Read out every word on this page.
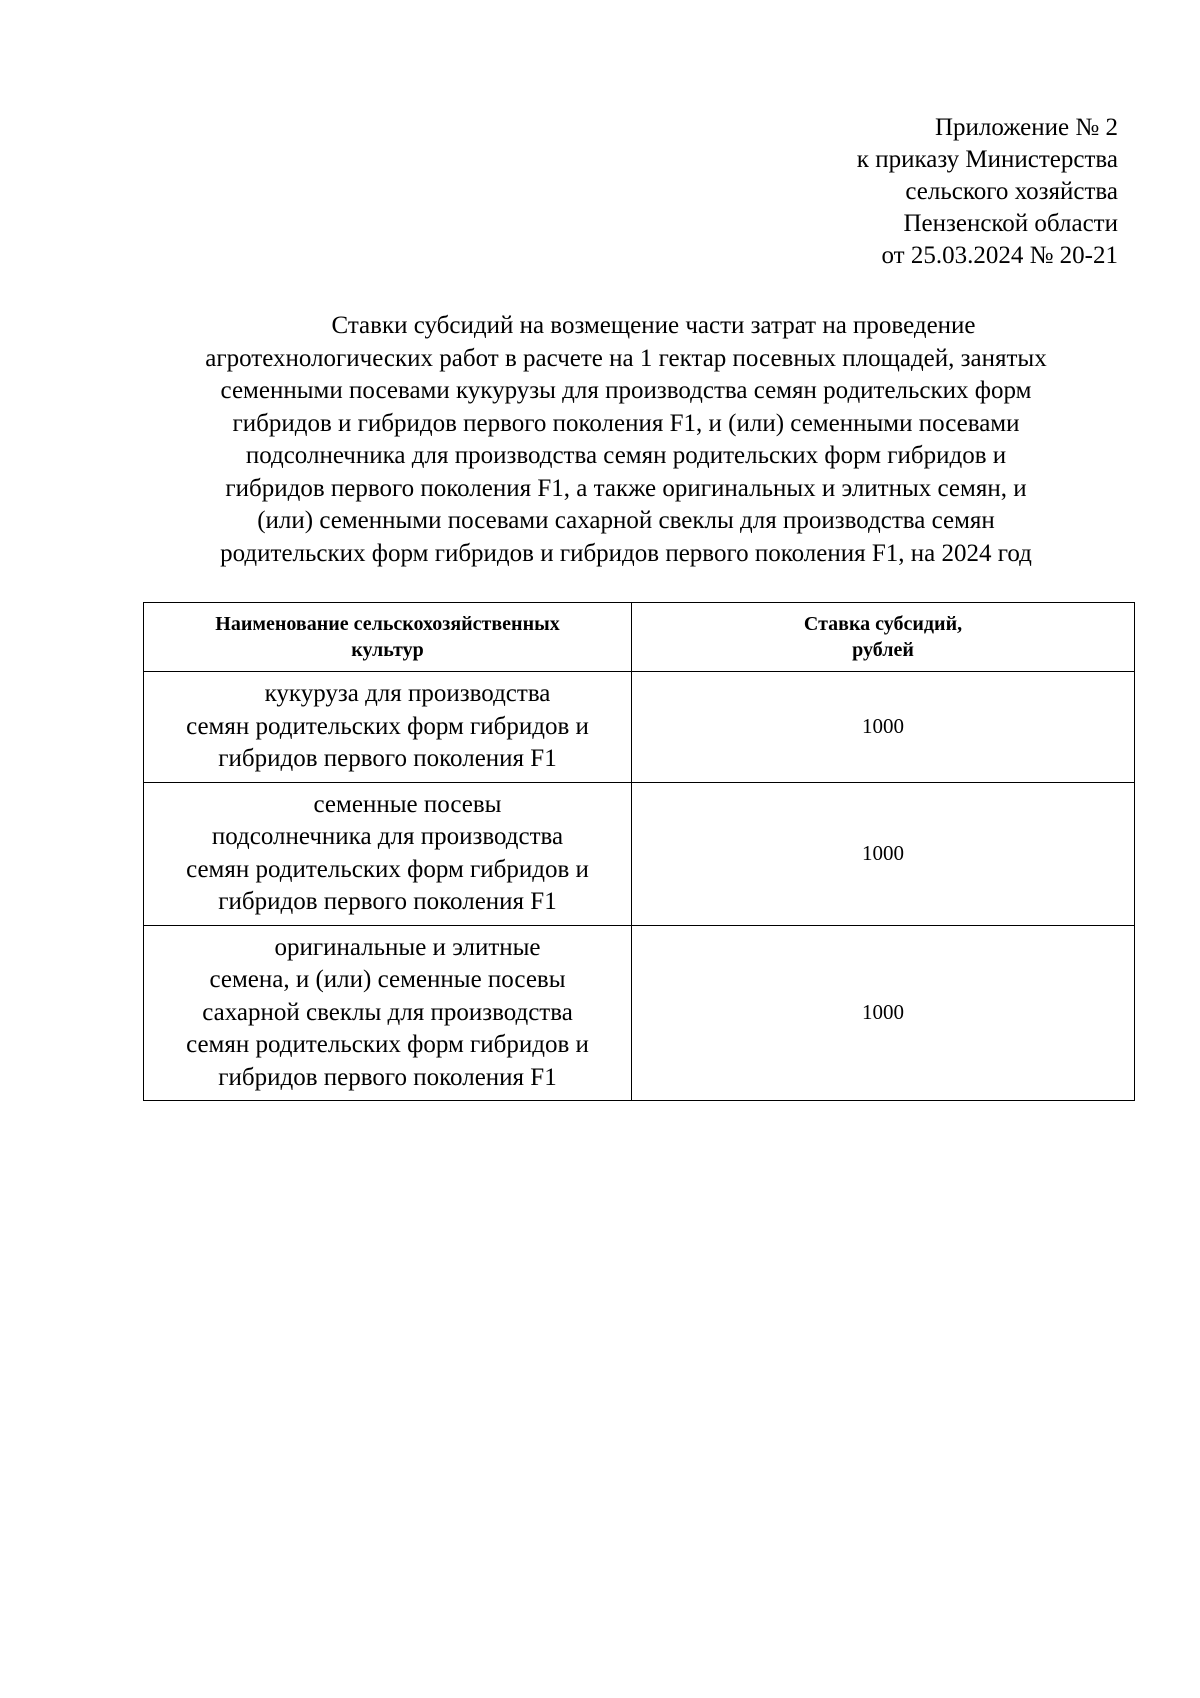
Приложение № 2
к приказу Министерства
сельского хозяйства
Пензенской области
от 25.03.2024 № 20-21
Ставки субсидий на возмещение части затрат на проведение
агротехнологических работ в расчете на 1 гектар посевных площадей, занятых
семенными посевами кукурузы для производства семян родительских форм
гибридов и гибридов первого поколения F1, и (или) семенными посевами
подсолнечника для производства семян родительских форм гибридов и
гибридов первого поколения F1, а также оригинальных и элитных семян, и
(или) семенными посевами сахарной свеклы для производства семян
родительских форм гибридов и гибридов первого поколения F1, на 2024 год
Наименование сельскохозяйственных
культур	Ставка субсидий,
рублей

кукуруза для производства
семян родительских форм гибридов и
гибридов первого поколения F1	1000

семенные посевы
подсолнечника для производства
семян родительских форм гибридов и
гибридов первого поколения F1	1000

оригинальные и элитные
семена, и (или) семенные посевы
сахарной свеклы для производства
семян родительских форм гибридов и
гибридов первого поколения F1	1000
